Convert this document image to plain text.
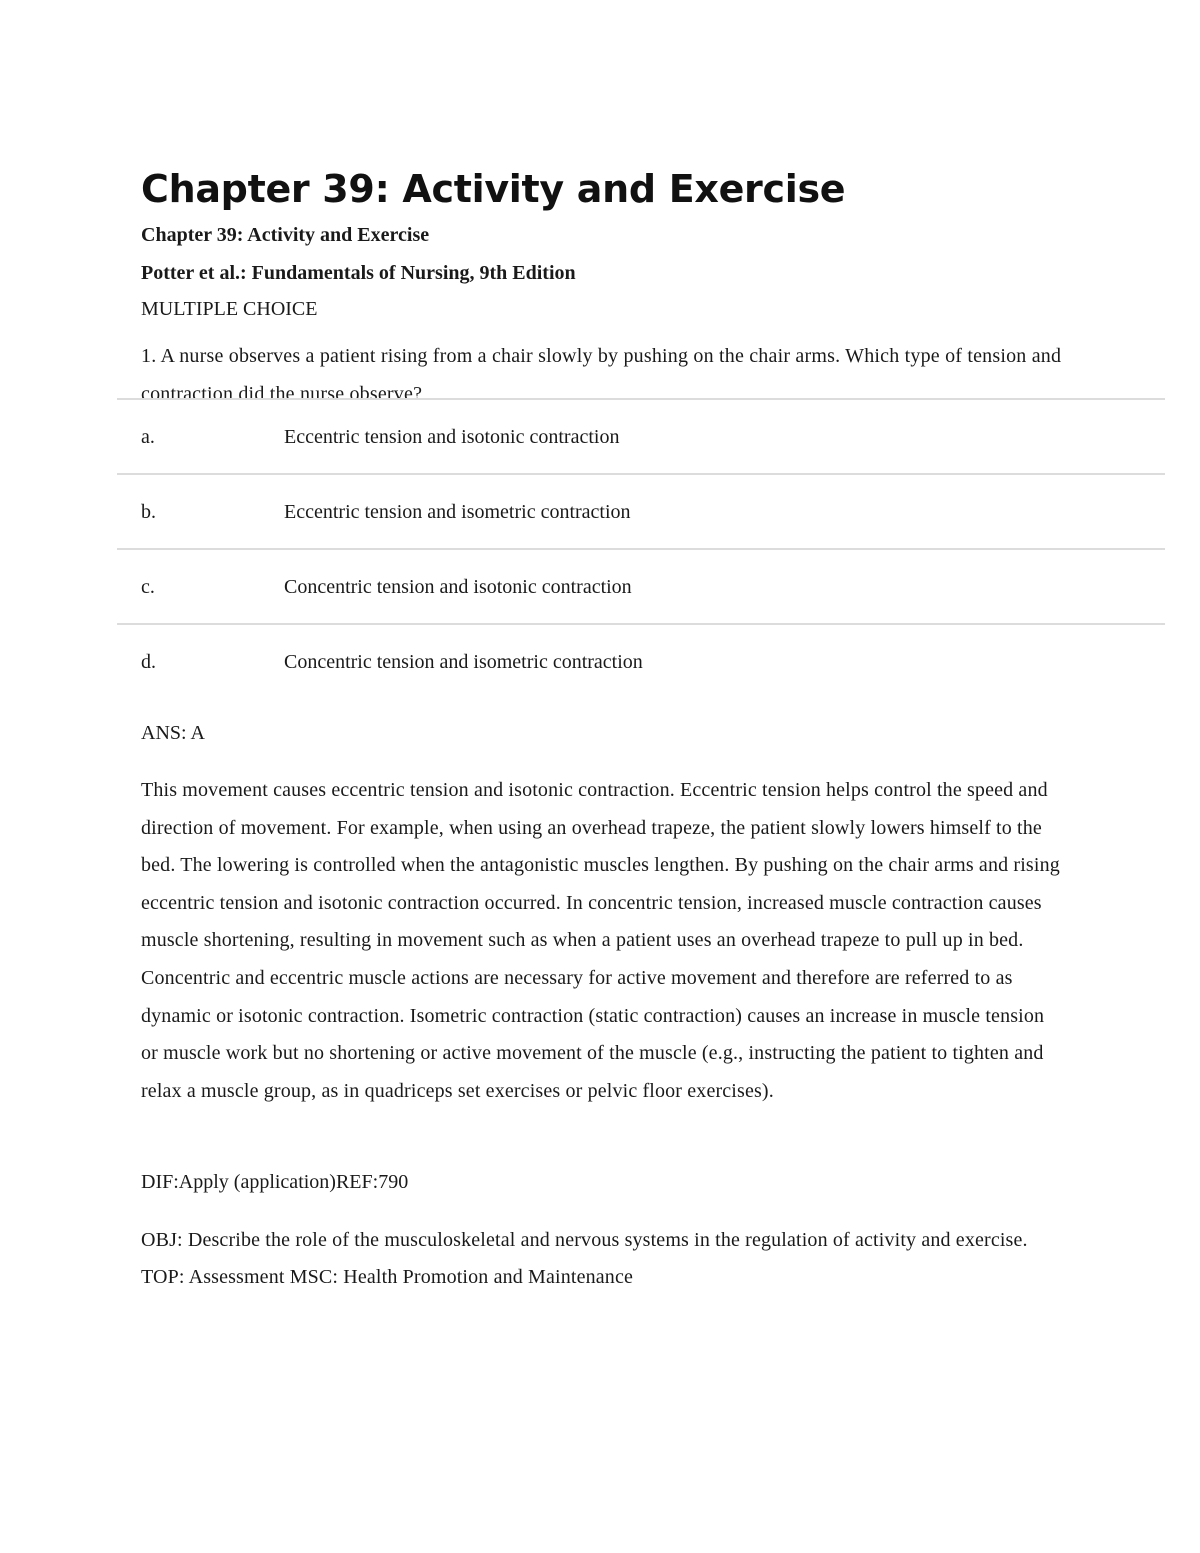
Chapter 39: Activity and Exercise
Chapter 39: Activity and Exercise
Potter et al.: Fundamentals of Nursing, 9th Edition
MULTIPLE CHOICE
1. A nurse observes a patient rising from a chair slowly by pushing on the chair arms. Which type of tension and contraction did the nurse observe?
a.	Eccentric tension and isotonic contraction
b.	Eccentric tension and isometric contraction
c.	Concentric tension and isotonic contraction
d.	Concentric tension and isometric contraction
ANS: A
This movement causes eccentric tension and isotonic contraction. Eccentric tension helps control the speed and direction of movement. For example, when using an overhead trapeze, the patient slowly lowers himself to the bed. The lowering is controlled when the antagonistic muscles lengthen. By pushing on the chair arms and rising eccentric tension and isotonic contraction occurred. In concentric tension, increased muscle contraction causes muscle shortening, resulting in movement such as when a patient uses an overhead trapeze to pull up in bed. Concentric and eccentric muscle actions are necessary for active movement and therefore are referred to as dynamic or isotonic contraction. Isometric contraction (static contraction) causes an increase in muscle tension or muscle work but no shortening or active movement of the muscle (e.g., instructing the patient to tighten and relax a muscle group, as in quadriceps set exercises or pelvic floor exercises).
DIF:Apply (application)REF:790
OBJ: Describe the role of the musculoskeletal and nervous systems in the regulation of activity and exercise. TOP: Assessment MSC: Health Promotion and Maintenance
